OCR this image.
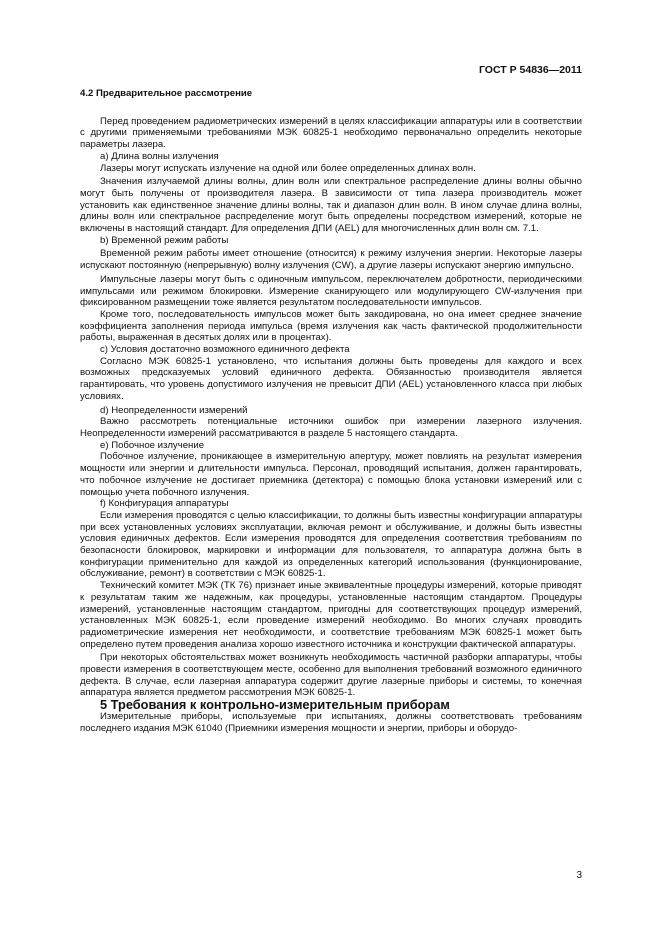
ГОСТ Р 54836—2011

4.2 Предварительное рассмотрение

Перед проведением радиометрических измерений в целях классификации аппаратуры или в соответствии с другими применяемыми требованиями МЭК 60825-1 необходимо первоначально определить некоторые параметры лазера.

а) Длина волны излучения

Лазеры могут испускать излучение на одной или более определенных длинах волн.

Значения излучаемой длины волны, длин волн или спектральное распределение длины волны обычно могут быть получены от производителя лазера. В зависимости от типа лазера производитель может установить как единственное значение длины волны, так и диапазон длин волн. В ином случае длина волны, длины волн или спектральное распределение могут быть определены посредством измерений, которые не включены в настоящий стандарт. Для определения ДПИ (AEL) для многочисленных длин волн см. 7.1.

b) Временной режим работы

Временной режим работы имеет отношение (относится) к режиму излучения энергии. Некоторые лазеры испускают постоянную (непрерывную) волну излучения (CW), а другие лазеры испускают энергию импульсно.

Импульсные лазеры могут быть с одиночным импульсом, переключателем добротности, периодическими импульсами или режимом блокировки. Измерение сканирующего или модулирующего CW-излучения при фиксированном размещении тоже является результатом последовательности импульсов.

Кроме того, последовательность импульсов может быть закодирована, но она имеет среднее значение коэффициента заполнения периода импульса (время излучения как часть фактической продолжительности работы, выраженная в десятых долях или в процентах).

c) Условия достаточно возможного единичного дефекта

Согласно МЭК 60825-1 установлено, что испытания должны быть проведены для каждого и всех возможных предсказуемых условий единичного дефекта. Обязанностью производителя является гарантировать, что уровень допустимого излучения не превысит ДПИ (AEL) установленного класса при любых условиях.

d) Неопределенности измерений

Важно рассмотреть потенциальные источники ошибок при измерении лазерного излучения. Неопределенности измерений рассматриваются в разделе 5 настоящего стандарта.

e) Побочное излучение

Побочное излучение, проникающее в измерительную апертуру, может повлиять на результат измерения мощности или энергии и длительности импульса. Персонал, проводящий испытания, должен гарантировать, что побочное излучение не достигает приемника (детектора) с помощью блока установки измерений или с помощью учета побочного излучения.

f) Конфигурация аппаратуры

Если измерения проводятся с целью классификации, то должны быть известны конфигурации аппаратуры при всех установленных условиях эксплуатации, включая ремонт и обслуживание, и должны быть известны условия единичных дефектов. Если измерения проводятся для определения соответствия требованиям по безопасности блокировок, маркировки и информации для пользователя, то аппаратура должна быть в конфигурации применительно для каждой из определенных категорий использования (функционирование, обслуживание, ремонт) в соответствии с МЭК 60825-1.

Технический комитет МЭК (ТК 76) признает иные эквивалентные процедуры измерений, которые приводят к результатам таким же надежным, как процедуры, установленные настоящим стандартом. Процедуры измерений, установленные настоящим стандартом, пригодны для соответствующих процедур измерений, установленных МЭК 60825-1, если проведение измерений необходимо. Во многих случаях проводить радиометрические измерения нет необходимости, и соответствие требованиям МЭК 60825-1 может быть определено путем проведения анализа хорошо известного источника и конструкции фактической аппаратуры.

При некоторых обстоятельствах может возникнуть необходимость частичной разборки аппаратуры, чтобы провести измерения в соответствующем месте, особенно для выполнения требований возможного единичного дефекта. В случае, если лазерная аппаратура содержит другие лазерные приборы и системы, то конечная аппаратура является предметом рассмотрения МЭК 60825-1.

5 Требования к контрольно-измерительным приборам

Измерительные приборы, используемые при испытаниях, должны соответствовать требованиям последнего издания МЭК 61040 (Приемники измерения мощности и энергии, приборы и оборудо-

3
